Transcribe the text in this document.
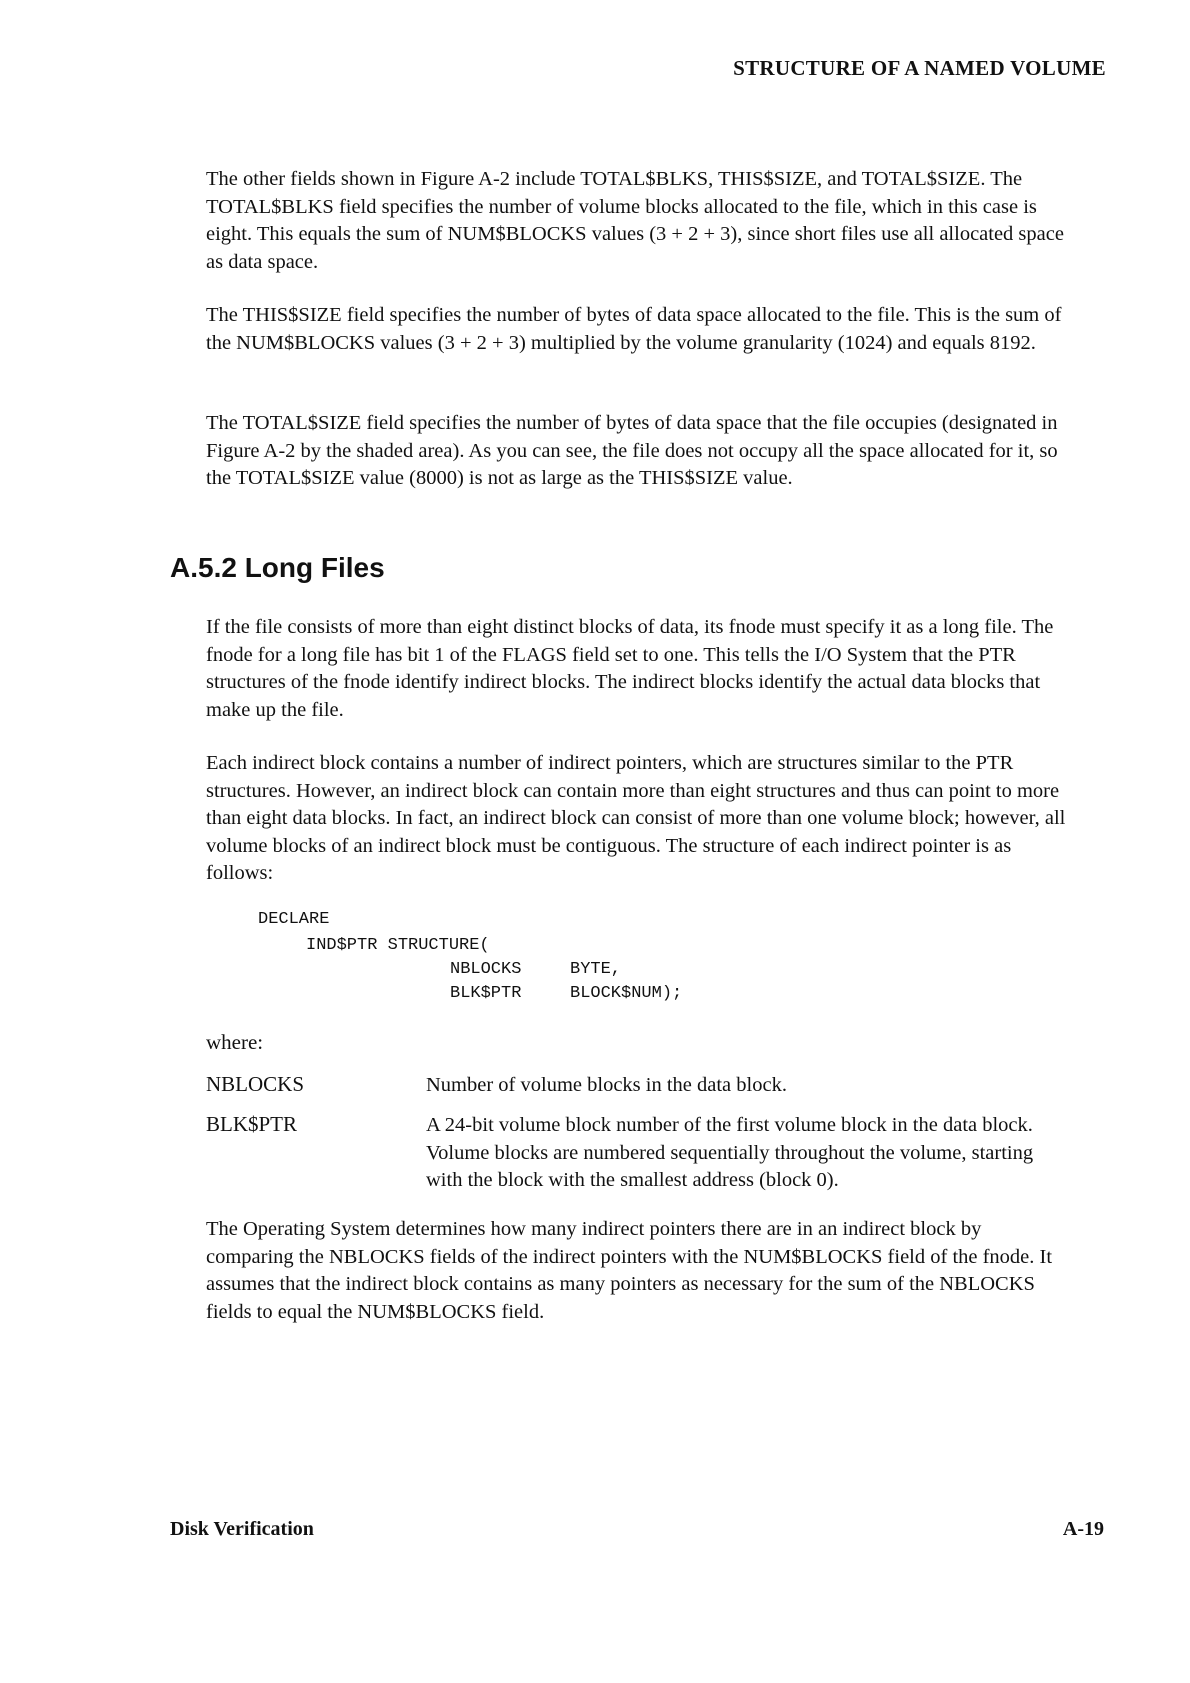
STRUCTURE OF A NAMED VOLUME

The other fields shown in Figure A-2 include TOTAL$BLKS, THIS$SIZE, and TOTAL$SIZE. The TOTAL$BLKS field specifies the number of volume blocks allocated to the file, which in this case is eight. This equals the sum of NUM$BLOCKS values (3 + 2 + 3), since short files use all allocated space as data space.

The THIS$SIZE field specifies the number of bytes of data space allocated to the file. This is the sum of the NUM$BLOCKS values (3 + 2 + 3) multiplied by the volume granularity (1024) and equals 8192.

The TOTAL$SIZE field specifies the number of bytes of data space that the file occupies (designated in Figure A-2 by the shaded area). As you can see, the file does not occupy all the space allocated for it, so the TOTAL$SIZE value (8000) is not as large as the THIS$SIZE value.

A.5.2 Long Files

If the file consists of more than eight distinct blocks of data, its fnode must specify it as a long file. The fnode for a long file has bit 1 of the FLAGS field set to one. This tells the I/O System that the PTR structures of the fnode identify indirect blocks. The indirect blocks identify the actual data blocks that make up the file.

Each indirect block contains a number of indirect pointers, which are structures similar to the PTR structures. However, an indirect block can contain more than eight structures and thus can point to more than eight data blocks. In fact, an indirect block can consist of more than one volume block; however, all volume blocks of an indirect block must be contiguous. The structure of each indirect pointer is as follows:

DECLARE
IND$PTR STRUCTURE(
NBLOCKS	BYTE,
BLK$PTR	BLOCK$NUM);
where:
NBLOCKS	Number of volume blocks in the data block.

BLK$PTR	A 24-bit volume block number of the first volume block in the data block. Volume blocks are numbered sequentially throughout the volume, starting with the block with the smallest address (block 0).

The Operating System determines how many indirect pointers there are in an indirect block by comparing the NBLOCKS fields of the indirect pointers with the NUM$BLOCKS field of the fnode. It assumes that the indirect block contains as many pointers as necessary for the sum of the NBLOCKS fields to equal the NUM$BLOCKS field.

Disk Verification	A-19
